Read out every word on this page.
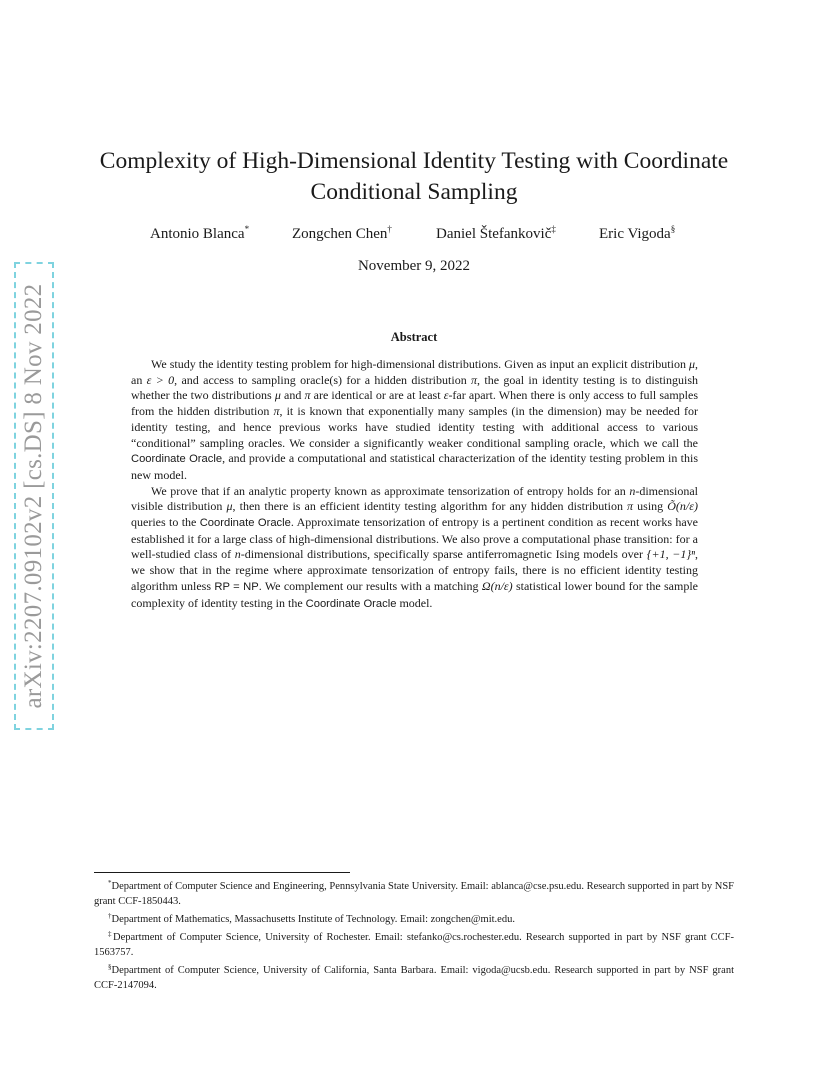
arXiv:2207.09102v2 [cs.DS] 8 Nov 2022
Complexity of High-Dimensional Identity Testing with Coordinate Conditional Sampling
Antonio Blanca*	Zongchen Chen†	Daniel Štefankovič‡	Eric Vigoda§
November 9, 2022
Abstract

We study the identity testing problem for high-dimensional distributions. Given as input an explicit distribution μ, an ε > 0, and access to sampling oracle(s) for a hidden distribution π, the goal in identity testing is to distinguish whether the two distributions μ and π are identical or are at least ε-far apart. When there is only access to full samples from the hidden distribution π, it is known that exponentially many samples (in the dimension) may be needed for identity testing, and hence previous works have studied identity testing with additional access to various “conditional” sampling oracles. We consider a significantly weaker conditional sampling oracle, which we call the Coordinate Oracle, and provide a computational and statistical characterization of the identity testing problem in this new model.

We prove that if an analytic property known as approximate tensorization of entropy holds for an n-dimensional visible distribution μ, then there is an efficient identity testing algorithm for any hidden distribution π using Õ(n/ε) queries to the Coordinate Oracle. Approximate tensorization of entropy is a pertinent condition as recent works have established it for a large class of high-dimensional distributions. We also prove a computational phase transition: for a well-studied class of n-dimensional distributions, specifically sparse antiferromagnetic Ising models over {+1, −1}ⁿ, we show that in the regime where approximate tensorization of entropy fails, there is no efficient identity testing algorithm unless RP = NP. We complement our results with a matching Ω(n/ε) statistical lower bound for the sample complexity of identity testing in the Coordinate Oracle model.

*Department of Computer Science and Engineering, Pennsylvania State University. Email: ablanca@cse.psu.edu. Research supported in part by NSF grant CCF-1850443.

†Department of Mathematics, Massachusetts Institute of Technology. Email: zongchen@mit.edu.

‡Department of Computer Science, University of Rochester. Email: stefanko@cs.rochester.edu. Research supported in part by NSF grant CCF-1563757.

§Department of Computer Science, University of California, Santa Barbara. Email: vigoda@ucsb.edu. Research supported in part by NSF grant CCF-2147094.
